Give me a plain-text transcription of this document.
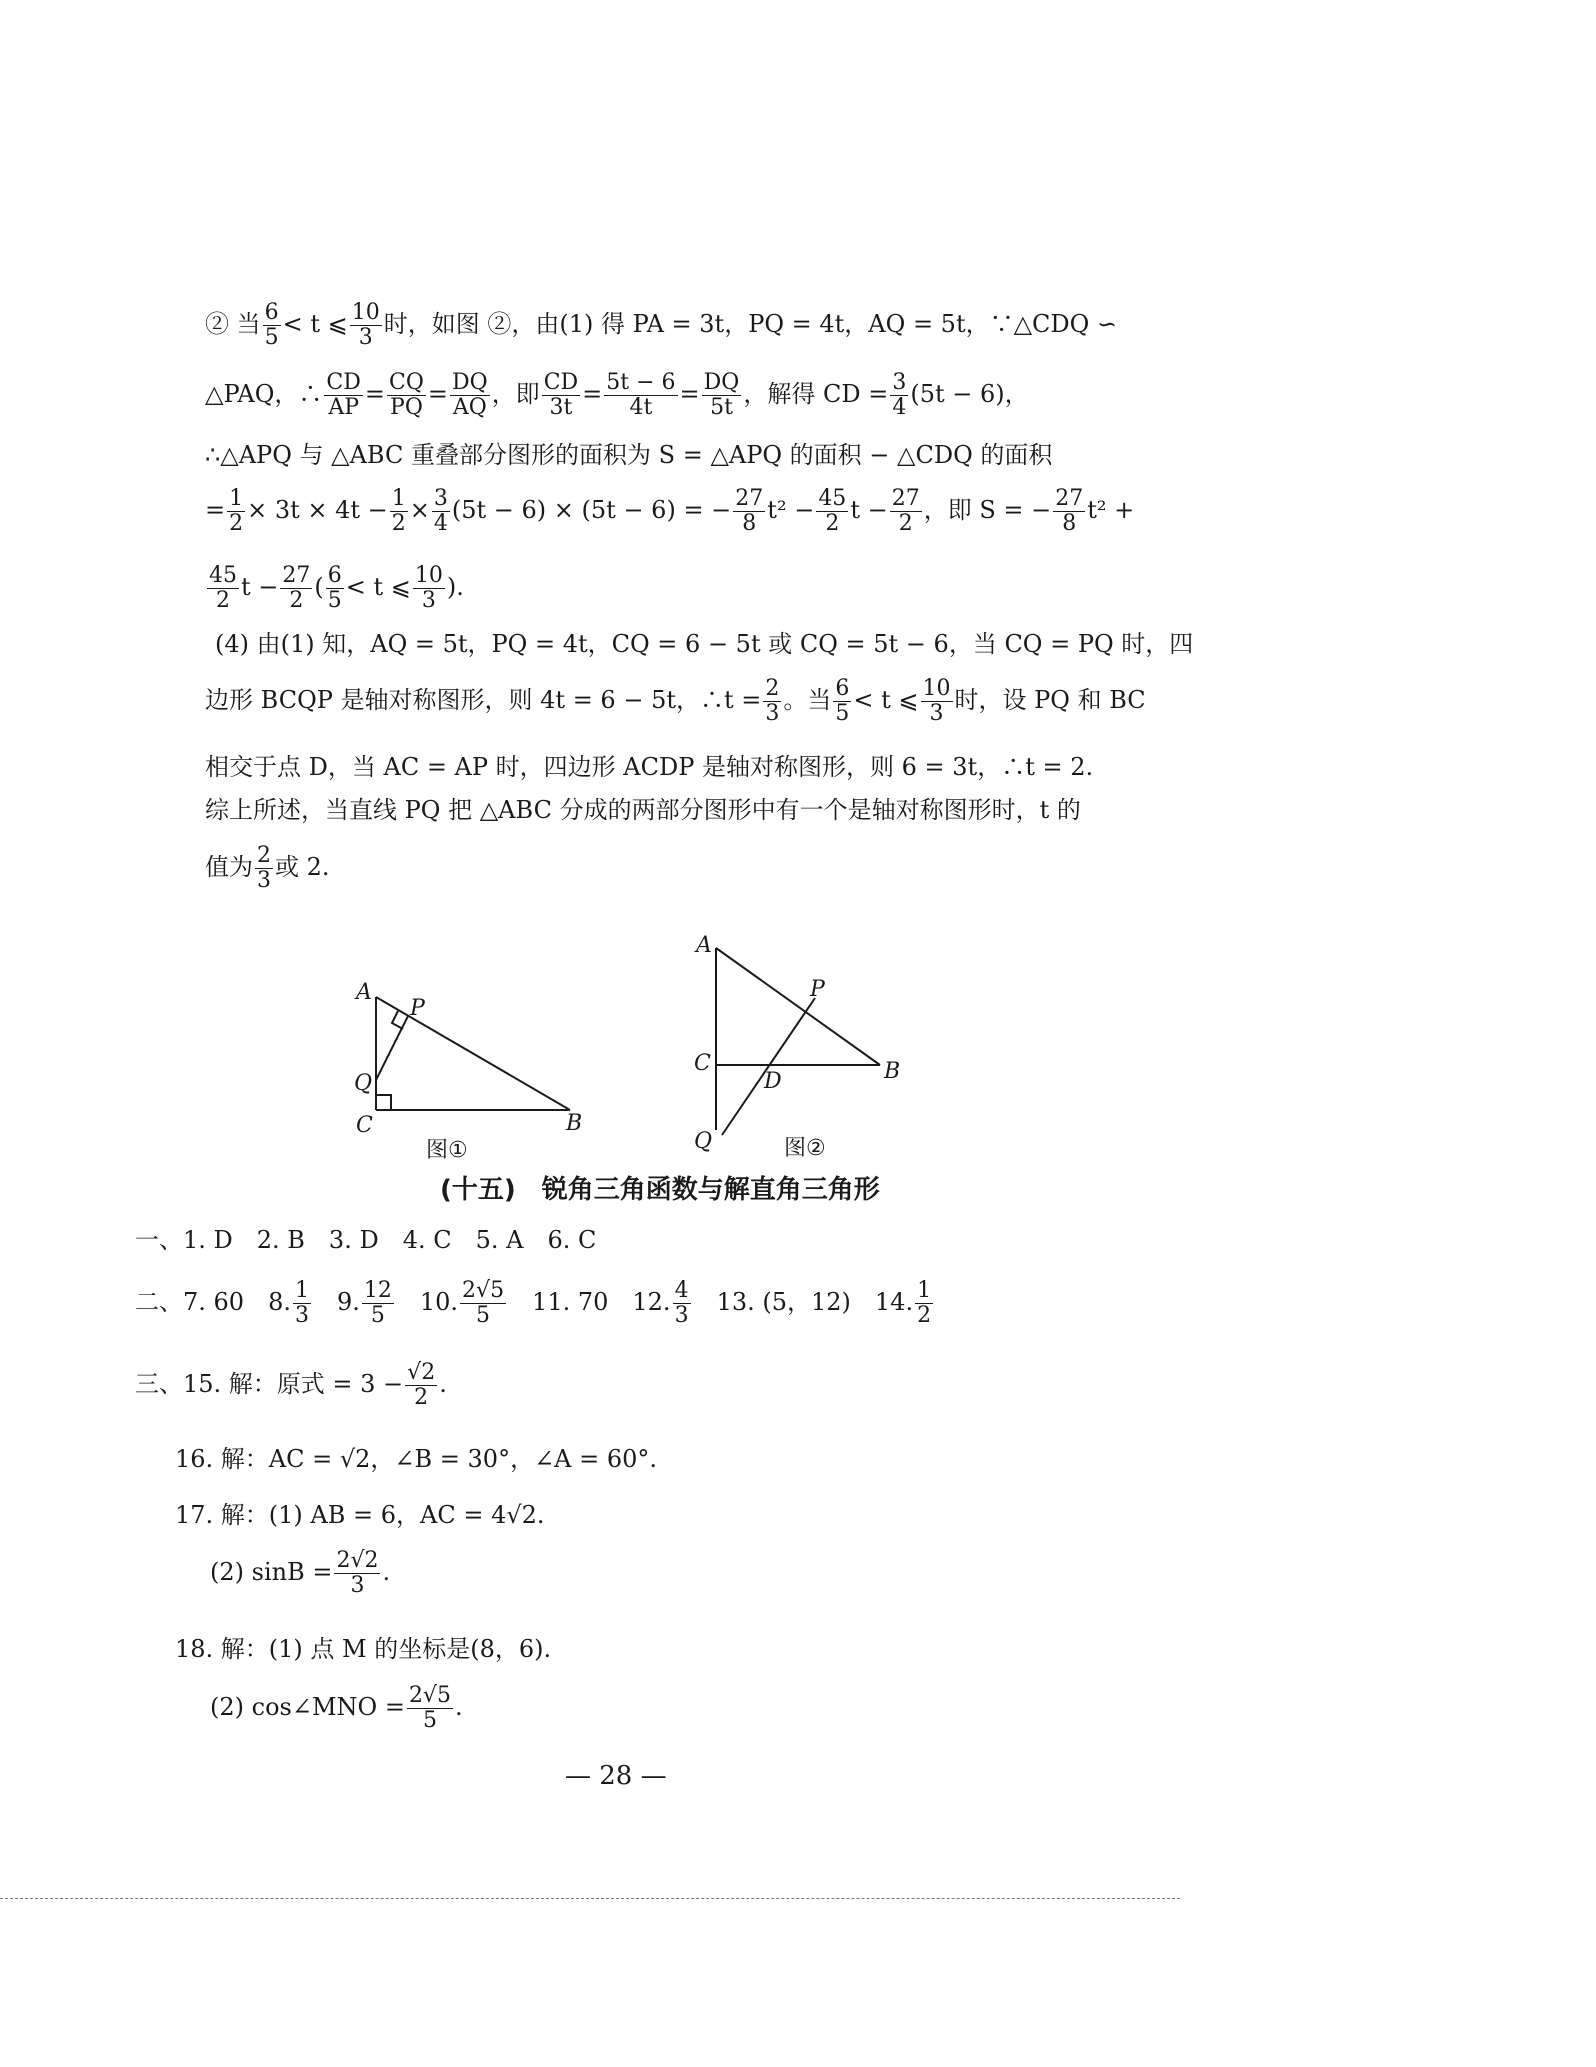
② 当 $\frac{6}{5} < t$ ⩽ $\frac{10}{3}$ 时，如图 ②，由(1) 得 PA = 3t，PQ = 4t，AQ = 5t，∵△CDQ ∽
△PAQ，∴ $\frac{CD}{AP} = \frac{CQ}{PQ} = \frac{DQ}{AQ}$ ，即 $\frac{CD}{3t} = \frac{5t - 6}{4t} = \frac{DQ}{5t}$ ，解得 CD = $\frac{3}{4} (5t - 6)$，
∴△APQ 与 △ABC 重叠部分图形的面积为 S = △APQ 的面积 − △CDQ 的面积
= $\frac{1}{2} \times 3t \times 4t - \frac{1}{2} \times \frac{3}{4} (5t - 6) \times (5t - 6)$ = − $\frac{27}{8} t^2 - \frac{45}{2}$ $t - \frac{27}{2}$ ，即 S = − $\frac{27}{8} t^2$ +
$\frac{45}{2}$ $t - \frac{27}{2}$ ( $\frac{6}{5} < t$ ⩽ $\frac{10}{3}$ ).
(4) 由(1) 知，AQ = 5t，PQ = 4t，CQ = 6 − 5t 或 CQ = 5t − 6，当 CQ = PQ 时，四
边形 BCQP 是轴对称图形，则 4t = 6 − 5t，∴t = $\frac{2}{3}$ 。当 $\frac{6}{5} < t$ ⩽ $\frac{10}{3}$ 时，设 PQ 和 BC
相交于点 D，当 AC = AP 时，四边形 ACDP 是轴对称图形，则 6 = 3t，∴t = 2.
综上所述，当直线 PQ 把 △ABC 分成的两部分图形中有一个是轴对称图形时，t 的
值为 $\frac{2}{3}$ 或 2.
A
P
Q
C	B
图①
A
P
C
D	B
Q	图②
(十五)　锐角三角函数与解直角三角形
一、1. D　2. B　3. D　4. C　5. A　6. C
二、7. 60　8. $\frac{1}{3}$ 　9. $\frac{12}{5}$ 　10. $\frac{2√5}{5}$ 　11. 70　12. $\frac{4}{3}$ 　13. (5，12)　14. $\frac{1}{2}$
三、15. 解：原式 = $3 - \frac{√2}{2}$ .
16. 解：AC = √2，∠B = 30°，∠A = 60°.
17. 解：(1) AB = 6，AC = 4√2.
(2) $\sin B = \frac{2√2}{3}$ .
18. 解：(1) 点 M 的坐标是(8，6).
(2) cos∠MNO = $\frac{2√5}{5}$ .
— 28 —
